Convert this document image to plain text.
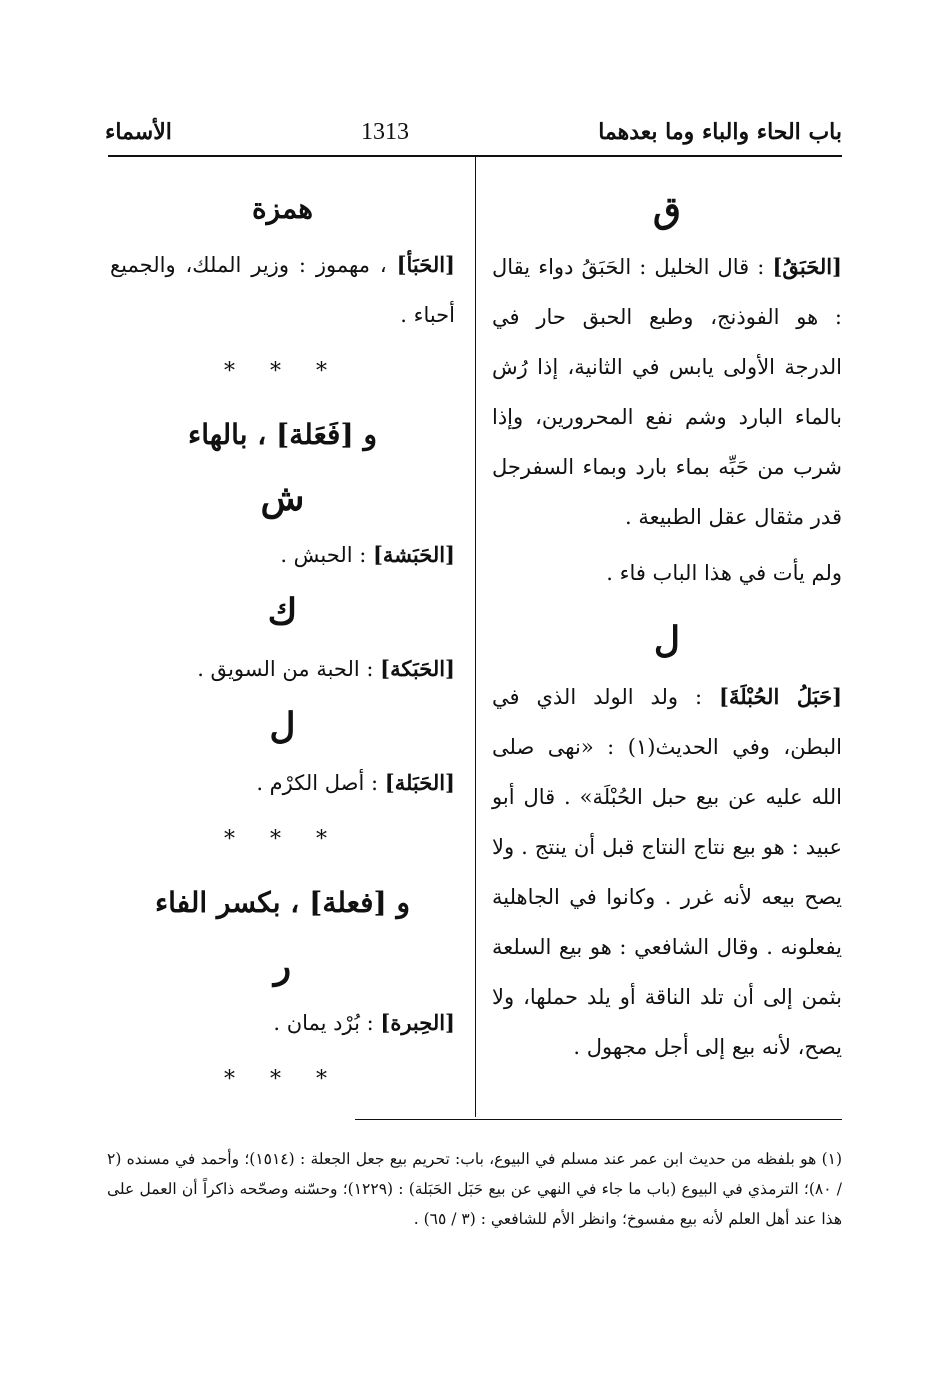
باب الحاء والباء وما بعدهما
1313
الأسماء

ق

[الحَبَقُ] : قال الخليل : الحَبَقُ دواء يقال : هو الفوذنج، وطبع الحبق حار في الدرجة الأولى يابس في الثانية، إذا رُش بالماء البارد وشم نفع المحرورين، وإذا شرب من حَبِّه بماء بارد وبماء السفرجل قدر مثقال عقل الطبيعة .

ولم يأت في هذا الباب فاء .

ل

[حَبَلُ الحُبْلَةَ] : ولد الولد الذي في البطن، وفي الحديث(١) : «نهى صلى الله عليه عن بيع حبل الحُبْلَة» . قال أبو عبيد : هو بيع نتاج النتاج قبل أن ينتج . ولا يصح بيعه لأنه غرر . وكانوا في الجاهلية يفعلونه . وقال الشافعي : هو بيع السلعة بثمن إلى أن تلد الناقة أو يلد حملها، ولا يصح، لأنه بيع إلى أجل مجهول .

همزة

[الحَبَأ] ، مهموز : وزير الملك، والجميع أحباء .

* * *

و [فَعَلة] ، بالهاء

ش

[الحَبَشة] : الحبش .

ك

[الحَبَكة] : الحبة من السويق .

ل

[الحَبَلة] : أصل الكرْم .

* * *

و [فعلة] ، بكسر الفاء

ر

[الحِبرة] : بُرْد يمان .

* * *

(١) هو بلفظه من حديث ابن عمر عند مسلم في البيوع، باب: تحريم بيع جعل الجعلة : (١٥١٤)؛ وأحمد في مسنده (٢ / ٨٠)؛ الترمذي في البيوع (باب ما جاء في النهي عن بيع حَبَل الحَبَلة) : (١٢٢٩)؛ وحسّنه وصحّحه ذاكراً أن العمل على هذا عند أهل العلم لأنه بيع مفسوخ؛ وانظر الأم للشافعي : (٣ / ٦٥) .
